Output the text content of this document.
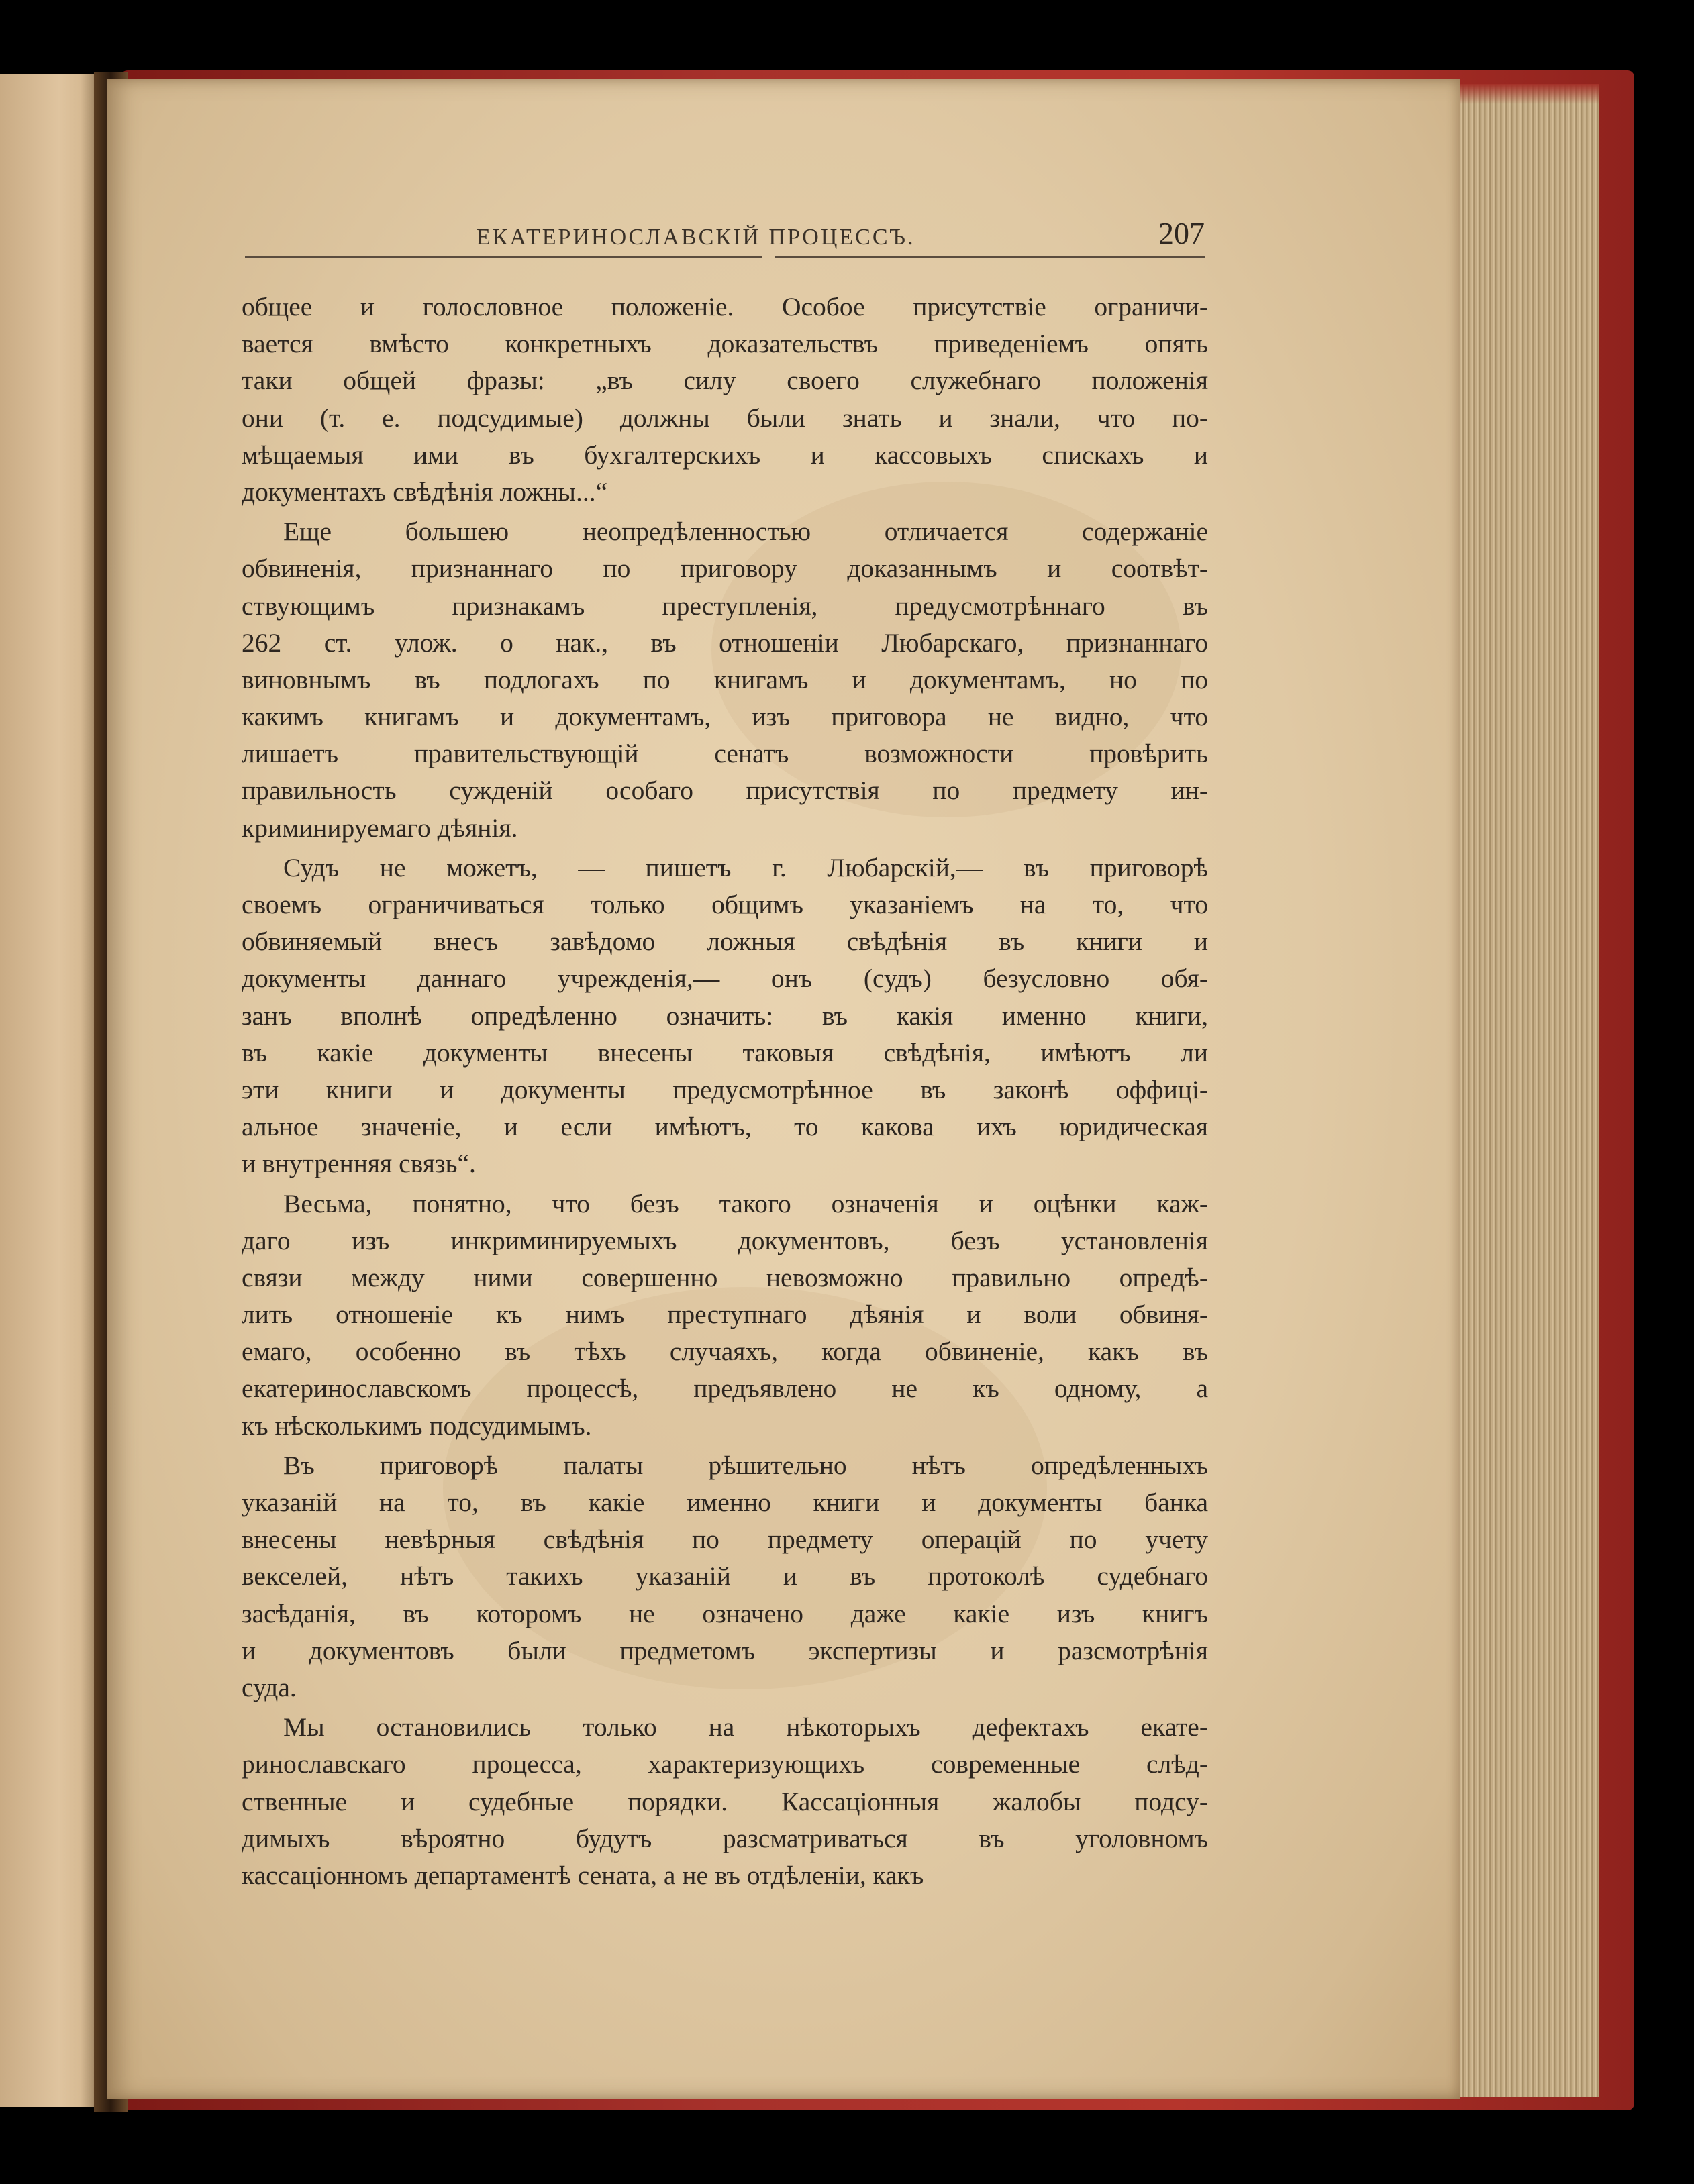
ЕКАТЕРИНОСЛАВСКІЙ ПРОЦЕССЪ.	207
общее и голословное положеніе. Особое присутствіе ограничи-
вается вмѣсто конкретныхъ доказательствъ приведеніемъ опять
таки общей фразы: „въ силу своего служебнаго положенія
они (т. е. подсудимые) должны были знать и знали, что по-
мѣщаемыя ими въ бухгалтерскихъ и кассовыхъ спискахъ и
документахъ свѣдѣнія ложны...“
Еще большею неопредѣленностью отличается содержаніе
обвиненія, признаннаго по приговору доказаннымъ и соотвѣт-
ствующимъ признакамъ преступленія, предусмотрѣннаго въ
262 ст. улож. о нак., въ отношеніи Любарскаго, признаннаго
виновнымъ въ подлогахъ по книгамъ и документамъ, но по
какимъ книгамъ и документамъ, изъ приговора не видно, что
лишаетъ правительствующій сенатъ возможности провѣрить
правильность сужденій особаго присутствія по предмету ин-
криминируемаго дѣянія.
Судъ не можетъ, — пишетъ г. Любарскій,— въ приговорѣ
своемъ ограничиваться только общимъ указаніемъ на то, что
обвиняемый внесъ завѣдомо ложныя свѣдѣнія въ книги и
документы даннаго учрежденія,— онъ (судъ) безусловно обя-
занъ вполнѣ опредѣленно означить: въ какія именно книги,
въ какіе документы внесены таковыя свѣдѣнія, имѣютъ ли
эти книги и документы предусмотрѣнное въ законѣ оффиці-
альное значеніе, и если имѣютъ, то какова ихъ юридическая
и внутренняя связь“.
Весьма, понятно, что безъ такого означенія и оцѣнки каж-
даго изъ инкриминируемыхъ документовъ, безъ установленія
связи между ними совершенно невозможно правильно опредѣ-
лить отношеніе къ нимъ преступнаго дѣянія и воли обвиня-
емаго, особенно въ тѣхъ случаяхъ, когда обвиненіе, какъ въ
екатеринославскомъ процессѣ, предъявлено не къ одному, а
къ нѣсколькимъ подсудимымъ.
Въ приговорѣ палаты рѣшительно нѣтъ опредѣленныхъ
указаній на то, въ какіе именно книги и документы банка
внесены невѣрныя свѣдѣнія по предмету операцій по учету
векселей, нѣтъ такихъ указаній и въ протоколѣ судебнаго
засѣданія, въ которомъ не означено даже какіе изъ книгъ
и документовъ были предметомъ экспертизы и разсмотрѣнія
суда.
Мы остановились только на нѣкоторыхъ дефектахъ екате-
ринославскаго процесса, характеризующихъ современные слѣд-
ственные и судебные порядки. Кассаціонныя жалобы подсу-
димыхъ вѣроятно будутъ разсматриваться въ уголовномъ
кассаціонномъ департаментѣ сената, а не въ отдѣленіи, какъ
